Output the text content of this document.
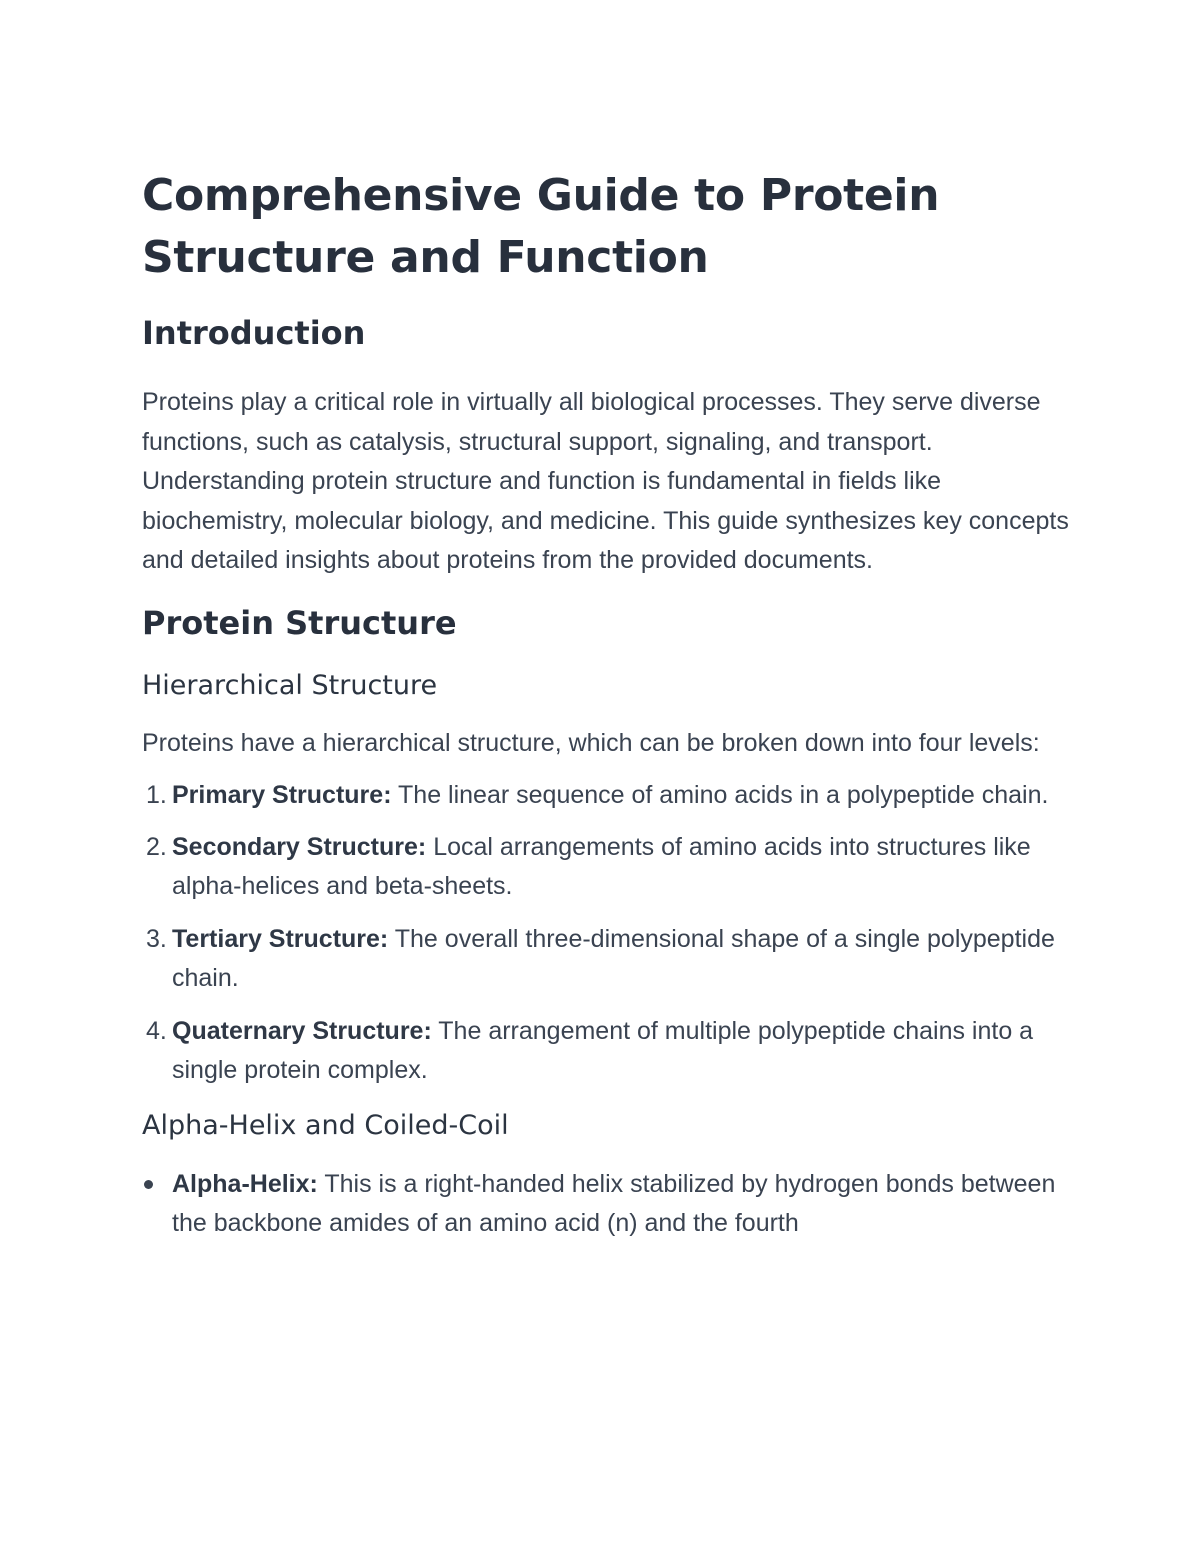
Comprehensive Guide to Protein
Structure and Function
Introduction

Proteins play a critical role in virtually all biological processes. They serve diverse functions, such as catalysis, structural support, signaling, and transport. Understanding protein structure and function is fundamental in fields like biochemistry, molecular biology, and medicine. This guide synthesizes key concepts and detailed insights about proteins from the provided documents.

Protein Structure
Hierarchical Structure

Proteins have a hierarchical structure, which can be broken down into four levels:

1. Primary Structure: The linear sequence of amino acids in a polypeptide chain.
2. Secondary Structure: Local arrangements of amino acids into structures like alpha-helices and beta-sheets.
3. Tertiary Structure: The overall three-dimensional shape of a single polypeptide chain.
4. Quaternary Structure: The arrangement of multiple polypeptide chains into a single protein complex.
Alpha-Helix and Coiled-Coil
Alpha-Helix: This is a right-handed helix stabilized by hydrogen bonds between the backbone amides of an amino acid (n) and the fourth
